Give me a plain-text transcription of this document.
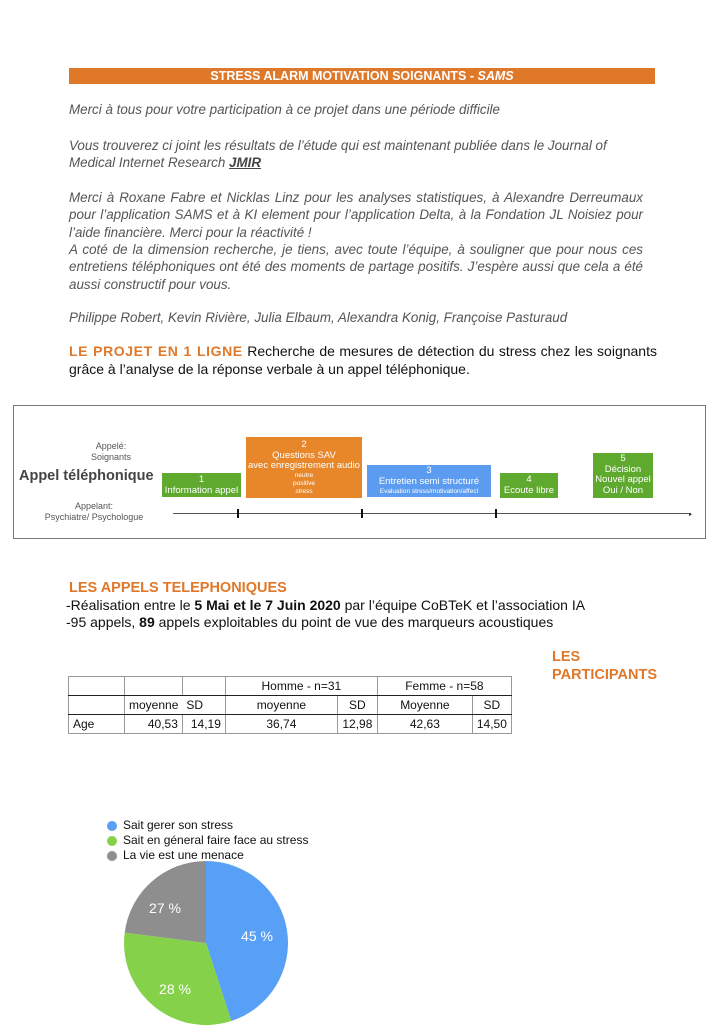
STRESS ALARM MOTIVATION SOIGNANTS - SAMS
Merci à tous pour votre participation à ce projet dans une période difficile
Vous trouverez ci joint les résultats de l’étude qui est maintenant publiée dans le Journal of Medical Internet Research JMIR
Merci à Roxane Fabre et Nicklas Linz pour les analyses statistiques, à Alexandre Derreumaux pour l’application SAMS et à KI element pour l’application Delta, à la Fondation JL Noisiez pour l’aide financière. Merci pour la réactivité !
A coté de la dimension recherche, je tiens, avec toute l’équipe, à souligner que pour nous ces entretiens téléphoniques ont été des moments de partage positifs. J’espère aussi que cela a été aussi constructif pour vous.
Philippe Robert, Kevin Rivière, Julia Elbaum, Alexandra Konig, Françoise Pasturaud
LE PROJET EN 1 LIGNE Recherche de mesures de détection du stress chez les soignants grâce à l’analyse de la réponse verbale à un appel téléphonique.
Appelé:
Soignants
Appel téléphonique
Appelant:
Psychiatre/ Psychologue
1
Information appel
2
Questions SAV
avec enregistrement audio
neutre
positive
stress
3
Entretien semi structuré
Evaluation stress/motivation/affect
4
Ecoute libre
5
Décision
Nouvel appel
Oui / Non
▸
LES APPELS TELEPHONIQUES
-Réalisation entre le 5 Mai et le 7 Juin 2020 par l’équipe CoBTeK et l’association IA
-95 appels, 89 appels exploitables du point de vue des marqueurs acoustiques
LES
PARTICIPANTS
			Homme - n=31		Femme - n=58	
	moyenne	SD	moyenne	SD	Moyenne	SD
Age	40,53	14,19	36,74	12,98	42,63	14,50
Sait gerer son stress
Sait en géneral faire face au stress
La vie est une menace
45 %
28 %
27 %
